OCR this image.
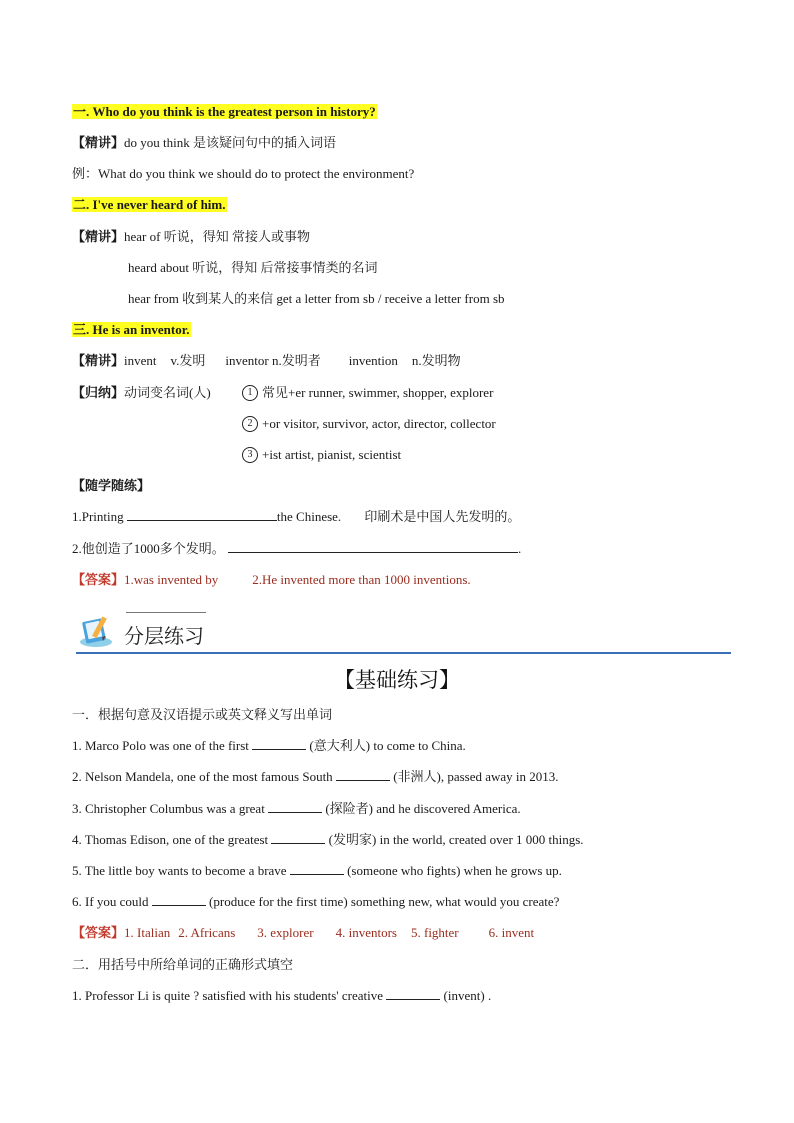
一. Who do you think is the greatest person in history?
【精讲】do you think 是该疑问句中的插入词语
例：What do you think we should do to protect the environment?
二. I've never heard of him.
【精讲】hear of 听说，得知 常接人或事物
heard about 听说，得知 后常接事情类的名词
hear from 收到某人的来信 get a letter from sb / receive a letter from sb
三. He is an inventor.
【精讲】invent v.发明 inventor n.发明者 invention n.发明物
【归纳】动词变名词(人)	1 常见+er runner, swimmer, shopper, explorer
2 +or visitor, survivor, actor, director, collector
3 +ist artist, pianist, scientist
【随学随练】
1.Printing	the Chinese. 印刷术是中国人先发明的。
2.他创造了1000多个发明。	.
【答案】1.was invented by	2.He invented more than 1000 inventions.
分层练习
【基础练习】
一．根据句意及汉语提示或英文释义写出单词
1. Marco Polo was one of the first	(意大利人) to come to China.
2. Nelson Mandela, one of the most famous South	(非洲人), passed away in 2013.
3. Christopher Columbus was a great	(探险者) and he discovered America.
4. Thomas Edison, one of the greatest	(发明家) in the world, created over 1 000 things.
5. The little boy wants to become a brave	(someone who fights) when he grows up.
6. If you could	(produce for the first time) something new, what would you create?
【答案】1. Italian 2. Africans 3. explorer 4. inventors 5. fighter 6. invent
二．用括号中所给单词的正确形式填空
1. Professor Li is quite ? satisfied with his students' creative	(invent) .
